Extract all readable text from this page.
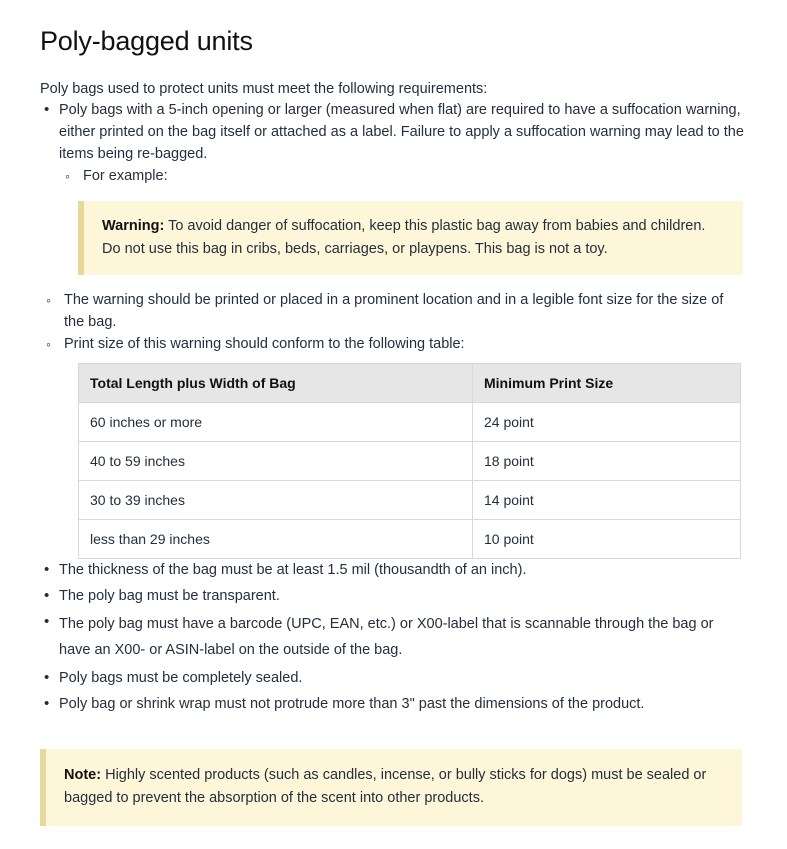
Poly-bagged units

Poly bags used to protect units must meet the following requirements:

• Poly bags with a 5-inch opening or larger (measured when flat) are required to have a suffocation warning, either printed on the bag itself or attached as a label. Failure to apply a suffocation warning may lead to the items being re-bagged.
◦ For example:
Warning: To avoid danger of suffocation, keep this plastic bag away from babies and children. Do not use this bag in cribs, beds, carriages, or playpens. This bag is not a toy.
◦ The warning should be printed or placed in a prominent location and in a legible font size for the size of the bag.
◦ Print size of this warning should conform to the following table:
Total Length plus Width of Bag	Minimum Print Size
60 inches or more	24 point
40 to 59 inches	18 point
30 to 39 inches	14 point
less than 29 inches	10 point
• The thickness of the bag must be at least 1.5 mil (thousandth of an inch).
• The poly bag must be transparent.
• The poly bag must have a barcode (UPC, EAN, etc.) or X00-label that is scannable through the bag or have an X00- or ASIN-label on the outside of the bag.
• Poly bags must be completely sealed.
• Poly bag or shrink wrap must not protrude more than 3" past the dimensions of the product.
Note: Highly scented products (such as candles, incense, or bully sticks for dogs) must be sealed or bagged to prevent the absorption of the scent into other products.
